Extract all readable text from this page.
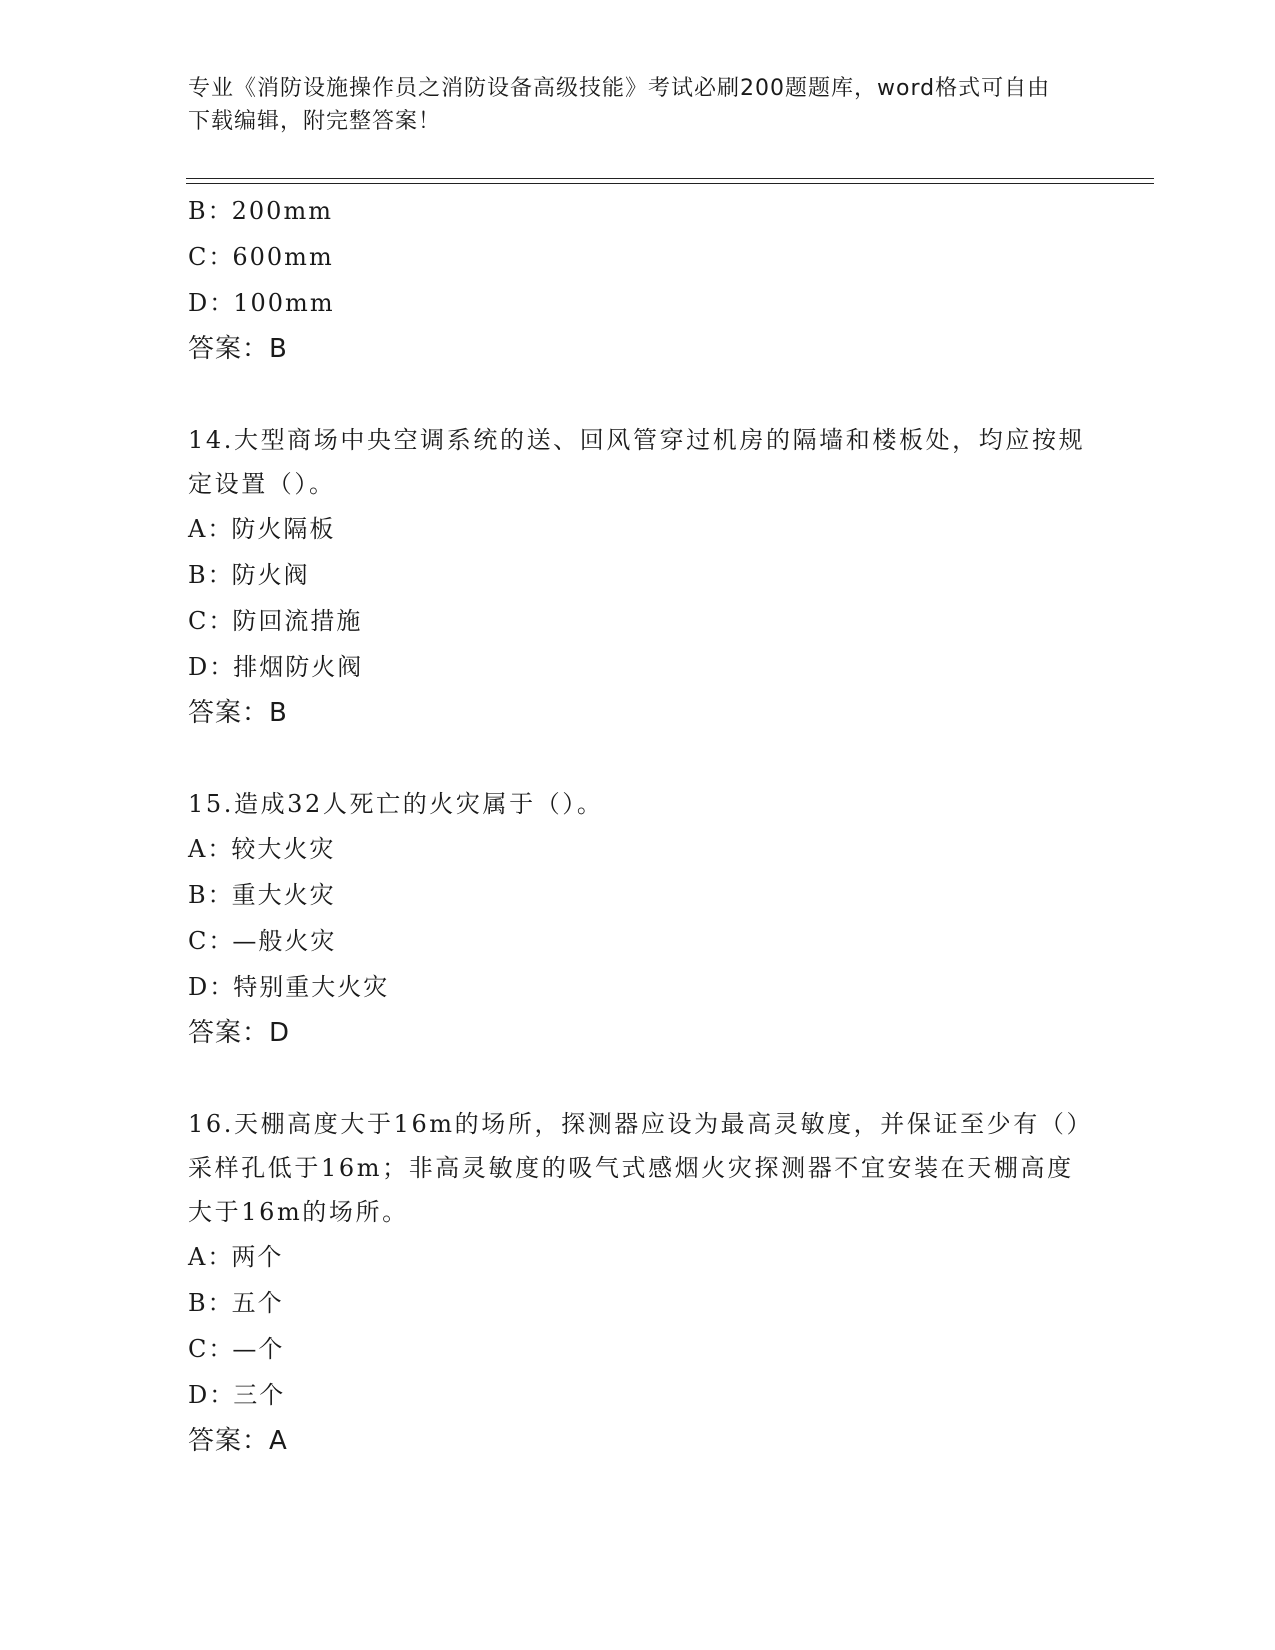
专业《消防设施操作员之消防设备高级技能》考试必刷200题题库，word格式可自由下载编辑，附完整答案！
B：200mm
C：600mm
D：100mm
答案：B
14.大型商场中央空调系统的送、回风管穿过机房的隔墙和楼板处，均应按规定设置（）。
A：防火隔板
B：防火阀
C：防回流措施
D：排烟防火阀
答案：B
15.造成32人死亡的火灾属于（）。
A：较大火灾
B：重大火灾
C：—般火灾
D：特别重大火灾
答案：D
16.天棚高度大于16m的场所，探测器应设为最高灵敏度，并保证至少有（）采样孔低于16m；非高灵敏度的吸气式感烟火灾探测器不宜安装在天棚高度大于16m的场所。
A：两个
B：五个
C：—个
D：三个
答案：A
